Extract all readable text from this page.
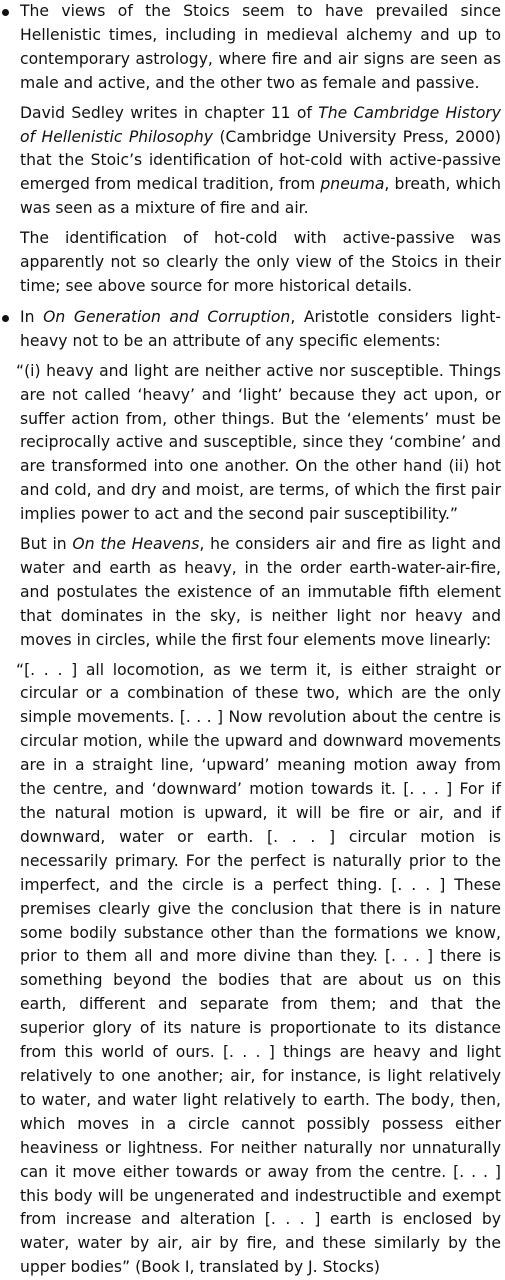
The views of the Stoics seem to have prevailed since Hellenistic times, including in medieval alchemy and up to contemporary astrology, where fire and air signs are seen as male and active, and the other two as female and passive.

David Sedley writes in chapter 11 of The Cambridge History of Hellenistic Philosophy (Cambridge University Press, 2000) that the Stoic’s identification of hot-cold with active-passive emerged from medical tradition, from pneuma, breath, which was seen as a mixture of fire and air.

The identification of hot-cold with active-passive was apparently not so clearly the only view of the Stoics in their time; see above source for more historical details.

In On Generation and Corruption, Aristotle considers light-heavy not to be an attribute of any specific elements:

“(i) heavy and light are neither active nor susceptible. Things are not called ‘heavy’ and ‘light’ because they act upon, or suffer action from, other things. But the ‘elements’ must be reciprocally active and susceptible, since they ‘combine’ and are transformed into one another. On the other hand (ii) hot and cold, and dry and moist, are terms, of which the first pair implies power to act and the second pair susceptibility.”

But in On the Heavens, he considers air and fire as light and water and earth as heavy, in the order earth-water-air-fire, and postulates the existence of an immutable fifth element that dominates in the sky, is neither light nor heavy and moves in circles, while the first four elements move linearly:

“[. . . ] all locomotion, as we term it, is either straight or circular or a combination of these two, which are the only simple movements. [. . . ] Now revolution about the centre is circular motion, while the upward and downward movements are in a straight line, ‘upward’ meaning motion away from the centre, and ‘downward’ motion towards it. [. . . ] For if the natural motion is upward, it will be fire or air, and if downward, water or earth. [. . . ] circular motion is necessarily primary. For the perfect is naturally prior to the imperfect, and the circle is a perfect thing. [. . . ] These premises clearly give the conclusion that there is in nature some bodily substance other than the formations we know, prior to them all and more divine than they. [. . . ] there is something beyond the bodies that are about us on this earth, different and separate from them; and that the superior glory of its nature is proportionate to its distance from this world of ours. [. . . ] things are heavy and light relatively to one another; air, for instance, is light relatively to water, and water light relatively to earth. The body, then, which moves in a circle cannot possibly possess either heaviness or lightness. For neither naturally nor unnaturally can it move either towards or away from the centre. [. . . ] this body will be ungenerated and indestructible and exempt from increase and alteration [. . . ] earth is enclosed by water, water by air, air by fire, and these similarly by the upper bodies” (Book I, translated by J. Stocks)
